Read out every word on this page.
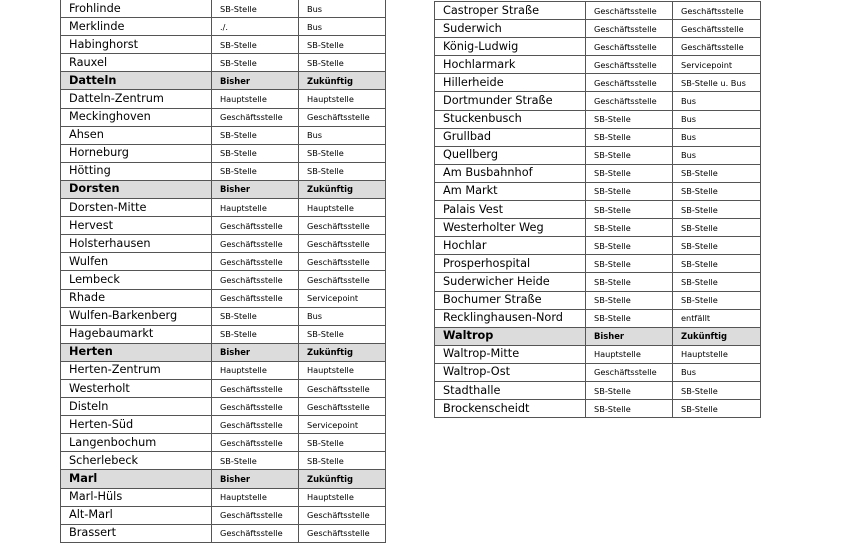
Frohlinde	SB-Stelle	Bus
Merklinde	./.	Bus
Habinghorst	SB-Stelle	SB-Stelle
Rauxel	SB-Stelle	SB-Stelle
Datteln	Bisher	Zukünftig
Datteln-Zentrum	Hauptstelle	Hauptstelle
Meckinghoven	Geschäftsstelle	Geschäftsstelle
Ahsen	SB-Stelle	Bus
Horneburg	SB-Stelle	SB-Stelle
Hötting	SB-Stelle	SB-Stelle
Dorsten	Bisher	Zukünftig
Dorsten-Mitte	Hauptstelle	Hauptstelle
Hervest	Geschäftsstelle	Geschäftsstelle
Holsterhausen	Geschäftsstelle	Geschäftsstelle
Wulfen	Geschäftsstelle	Geschäftsstelle
Lembeck	Geschäftsstelle	Geschäftsstelle
Rhade	Geschäftsstelle	Servicepoint
Wulfen-Barkenberg	SB-Stelle	Bus
Hagebaumarkt	SB-Stelle	SB-Stelle
Herten	Bisher	Zukünftig
Herten-Zentrum	Hauptstelle	Hauptstelle
Westerholt	Geschäftsstelle	Geschäftsstelle
Disteln	Geschäftsstelle	Geschäftsstelle
Herten-Süd	Geschäftsstelle	Servicepoint
Langenbochum	Geschäftsstelle	SB-Stelle
Scherlebeck	SB-Stelle	SB-Stelle
Marl	Bisher	Zukünftig
Marl-Hüls	Hauptstelle	Hauptstelle
Alt-Marl	Geschäftsstelle	Geschäftsstelle
Brassert	Geschäftsstelle	Geschäftsstelle
Castroper Straße	Geschäftsstelle	Geschäftsstelle
Suderwich	Geschäftsstelle	Geschäftsstelle
König-Ludwig	Geschäftsstelle	Geschäftsstelle
Hochlarmark	Geschäftsstelle	Servicepoint
Hillerheide	Geschäftsstelle	SB-Stelle u. Bus
Dortmunder Straße	Geschäftsstelle	Bus
Stuckenbusch	SB-Stelle	Bus
Grullbad	SB-Stelle	Bus
Quellberg	SB-Stelle	Bus
Am Busbahnhof	SB-Stelle	SB-Stelle
Am Markt	SB-Stelle	SB-Stelle
Palais Vest	SB-Stelle	SB-Stelle
Westerholter Weg	SB-Stelle	SB-Stelle
Hochlar	SB-Stelle	SB-Stelle
Prosperhospital	SB-Stelle	SB-Stelle
Suderwicher Heide	SB-Stelle	SB-Stelle
Bochumer Straße	SB-Stelle	SB-Stelle
Recklinghausen-Nord	SB-Stelle	entfällt
Waltrop	Bisher	Zukünftig
Waltrop-Mitte	Hauptstelle	Hauptstelle
Waltrop-Ost	Geschäftsstelle	Bus
Stadthalle	SB-Stelle	SB-Stelle
Brockenscheidt	SB-Stelle	SB-Stelle
